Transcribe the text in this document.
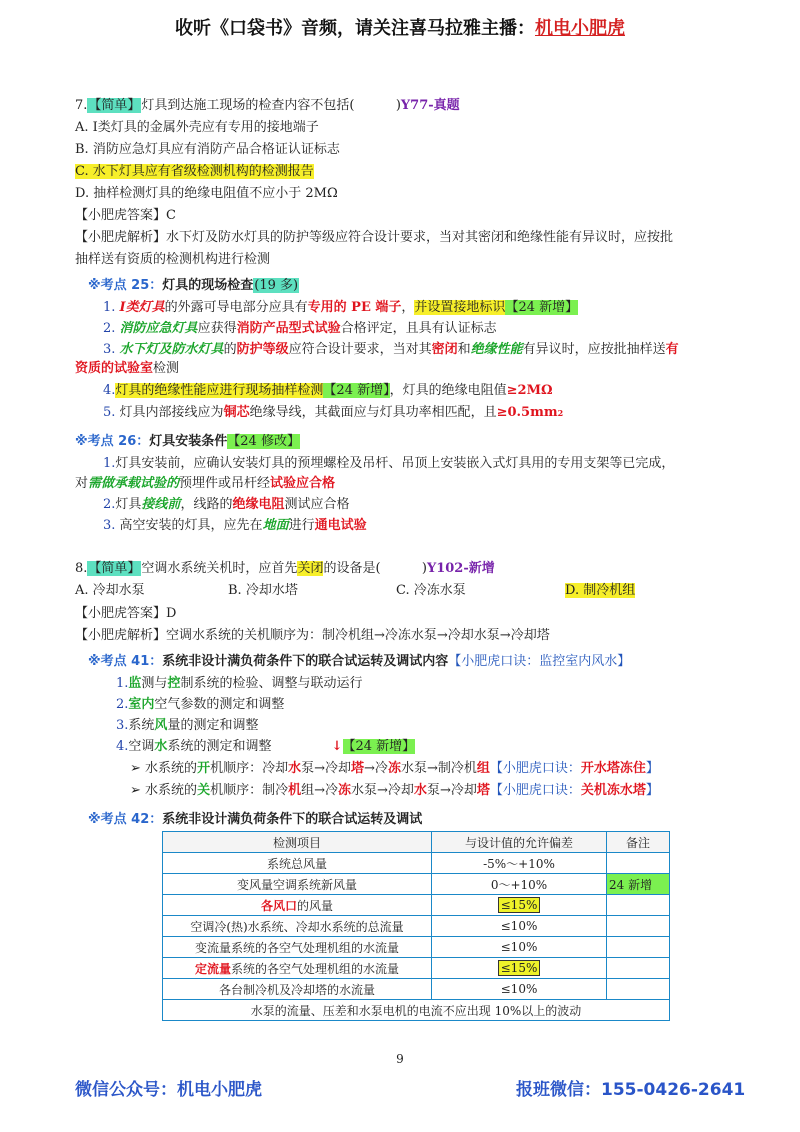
收听《口袋书》音频，请关注喜马拉雅主播：机电小肥虎
7.【简单】灯具到达施工现场的检查内容不包括(	)Y77-真题
A. Ⅰ类灯具的金属外壳应有专用的接地端子
B. 消防应急灯具应有消防产品合格证认证标志
C. 水下灯具应有省级检测机构的检测报告
D. 抽样检测灯具的绝缘电阻值不应小于 2MΩ
【小肥虎答案】C
【小肥虎解析】水下灯及防水灯具的防护等级应符合设计要求，当对其密闭和绝缘性能有异议时，应按批
抽样送有资质的检测机构进行检测
※考点 25：灯具的现场检查(19 多)
1. Ⅰ类灯具的外露可导电部分应具有专用的 PE 端子，并设置接地标识【24 新增】
2. 消防应急灯具应获得消防产品型式试验合格评定，且具有认证标志
3. 水下灯及防水灯具的防护等级应符合设计要求，当对其密闭和绝缘性能有异议时，应按批抽样送有
资质的试验室检测
4.灯具的绝缘性能应进行现场抽样检测【24 新增】，灯具的绝缘电阻值≥2MΩ
5. 灯具内部接线应为铜芯绝缘导线，其截面应与灯具功率相匹配，且$\ge 0.5mm^2$
※考点 26：灯具安装条件【24 修改】
1.灯具安装前，应确认安装灯具的预埋螺栓及吊杆、吊顶上安装嵌入式灯具用的专用支架等已完成，
对需做承载试验的预埋件或吊杆经试验应合格
2.灯具接线前，线路的绝缘电阻测试应合格
3. 高空安装的灯具，应先在地面进行通电试验
8.【简单】空调水系统关机时，应首先关闭的设备是(	)Y102-新增
A. 冷却水泵	B. 冷却水塔	C. 冷冻水泵	D. 制冷机组
【小肥虎答案】D
【小肥虎解析】空调水系统的关机顺序为：制冷机组→冷冻水泵→冷却水泵→冷却塔
※考点 41：系统非设计满负荷条件下的联合试运转及调试内容【小肥虎口诀：监控室内风水】
1.监测与控制系统的检验、调整与联动运行
2.室内空气参数的测定和调整
3.系统风量的测定和调整
4.空调水系统的测定和调整	↓【24 新增】
➢ 水系统的开机顺序：冷却水泵→冷却塔→冷冻水泵→制冷机组【小肥虎口诀：开水塔冻住】
➢ 水系统的关机顺序：制冷机组→冷冻水泵→冷却水泵→冷却塔【小肥虎口诀：关机冻水塔】
※考点 42：系统非设计满负荷条件下的联合试运转及调试
检测项目	与设计值的允许偏差	备注
系统总风量	-5%～+10%	
变风量空调系统新风量	0～+10%	24 新增
各风口的风量	≤15%	
空调冷(热)水系统、冷却水系统的总流量	≤10%	
变流量系统的各空气处理机组的水流量	≤10%	
定流量系统的各空气处理机组的水流量	≤15%	
各台制冷机及冷却塔的水流量	≤10%	
水泵的流量、压差和水泵电机的电流不应出现 10%以上的波动		
9
微信公众号：机电小肥虎	报班微信：155-0426-2641
